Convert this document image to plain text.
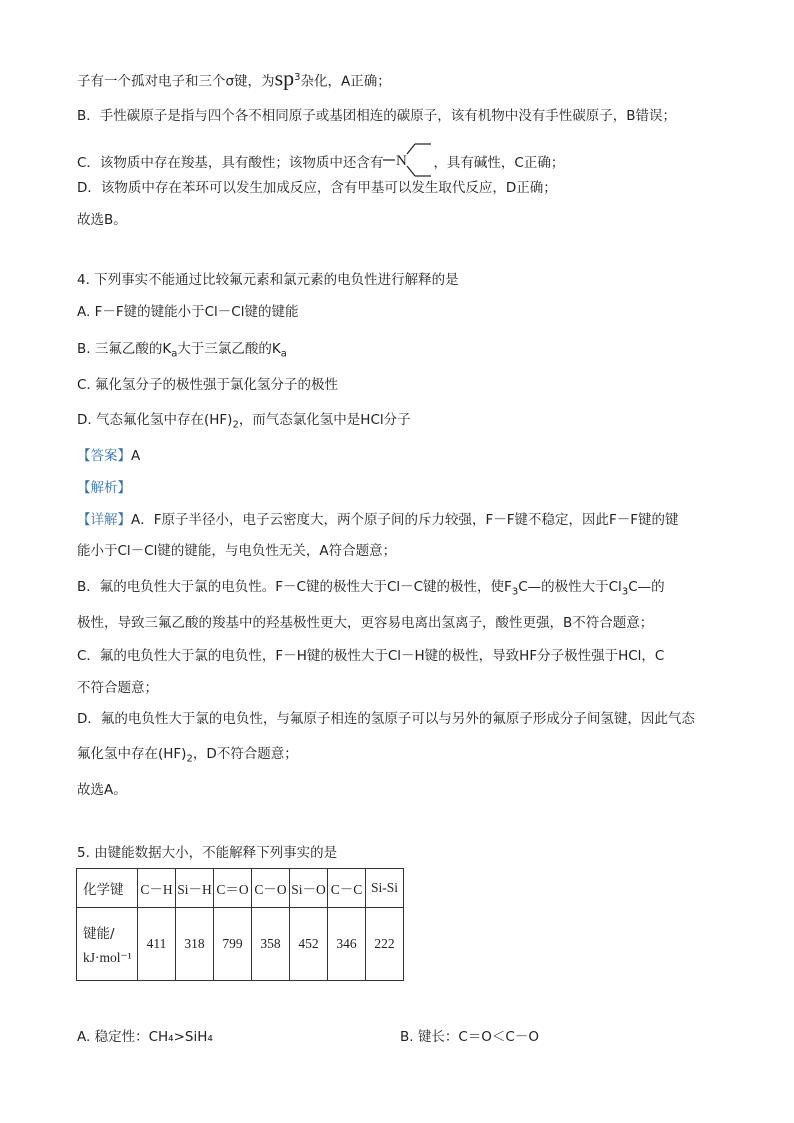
子有一个孤对电子和三个σ键，为$sp^3$杂化，A正确；
B．手性碳原子是指与四个各不相同原子或基团相连的碳原子，该有机物中没有手性碳原子，B错误；
C．该物质中存在羧基，具有酸性；该物质中还含有 N ，具有碱性，C正确；
D．该物质中存在苯环可以发生加成反应，含有甲基可以发生取代反应，D正确；
故选B。
4. 下列事实不能通过比较氟元素和氯元素的电负性进行解释的是
A. F－F键的键能小于Cl－Cl键的键能
B. 三氟乙酸的$K_a$大于三氯乙酸的$K_a$
C. 氟化氢分子的极性强于氯化氢分子的极性
D. 气态氟化氢中存在$(HF)_2$，而气态氯化氢中是HCl分子
【答案】A
【解析】
【详解】A．F原子半径小，电子云密度大，两个原子间的斥力较强，F－F键不稳定，因此F－F键的键
能小于Cl－Cl键的键能，与电负性无关，A符合题意；
B．氟的电负性大于氯的电负性。F－C键的极性大于Cl－C键的极性，使$F_3C—$的极性大于$Cl_3C—$的
极性，导致三氟乙酸的羧基中的羟基极性更大，更容易电离出氢离子，酸性更强，B不符合题意；
C．氟的电负性大于氯的电负性，F－H键的极性大于Cl－H键的极性，导致HF分子极性强于HCl，C
不符合题意；
D．氟的电负性大于氯的电负性，与氟原子相连的氢原子可以与另外的氟原子形成分子间氢键，因此气态
氟化氢中存在$(HF)_2$，D不符合题意；
故选A。
5. 由键能数据大小，不能解释下列事实的是
化学键	C－H	Si－H	C＝O	C－O	Si－O	C－C	Si-Si

键能/
kJ·mol⁻¹	411	318	799	358	452	346	222
A. 稳定性：CH₄>SiH₄	B. 键长：C＝O＜C－O
